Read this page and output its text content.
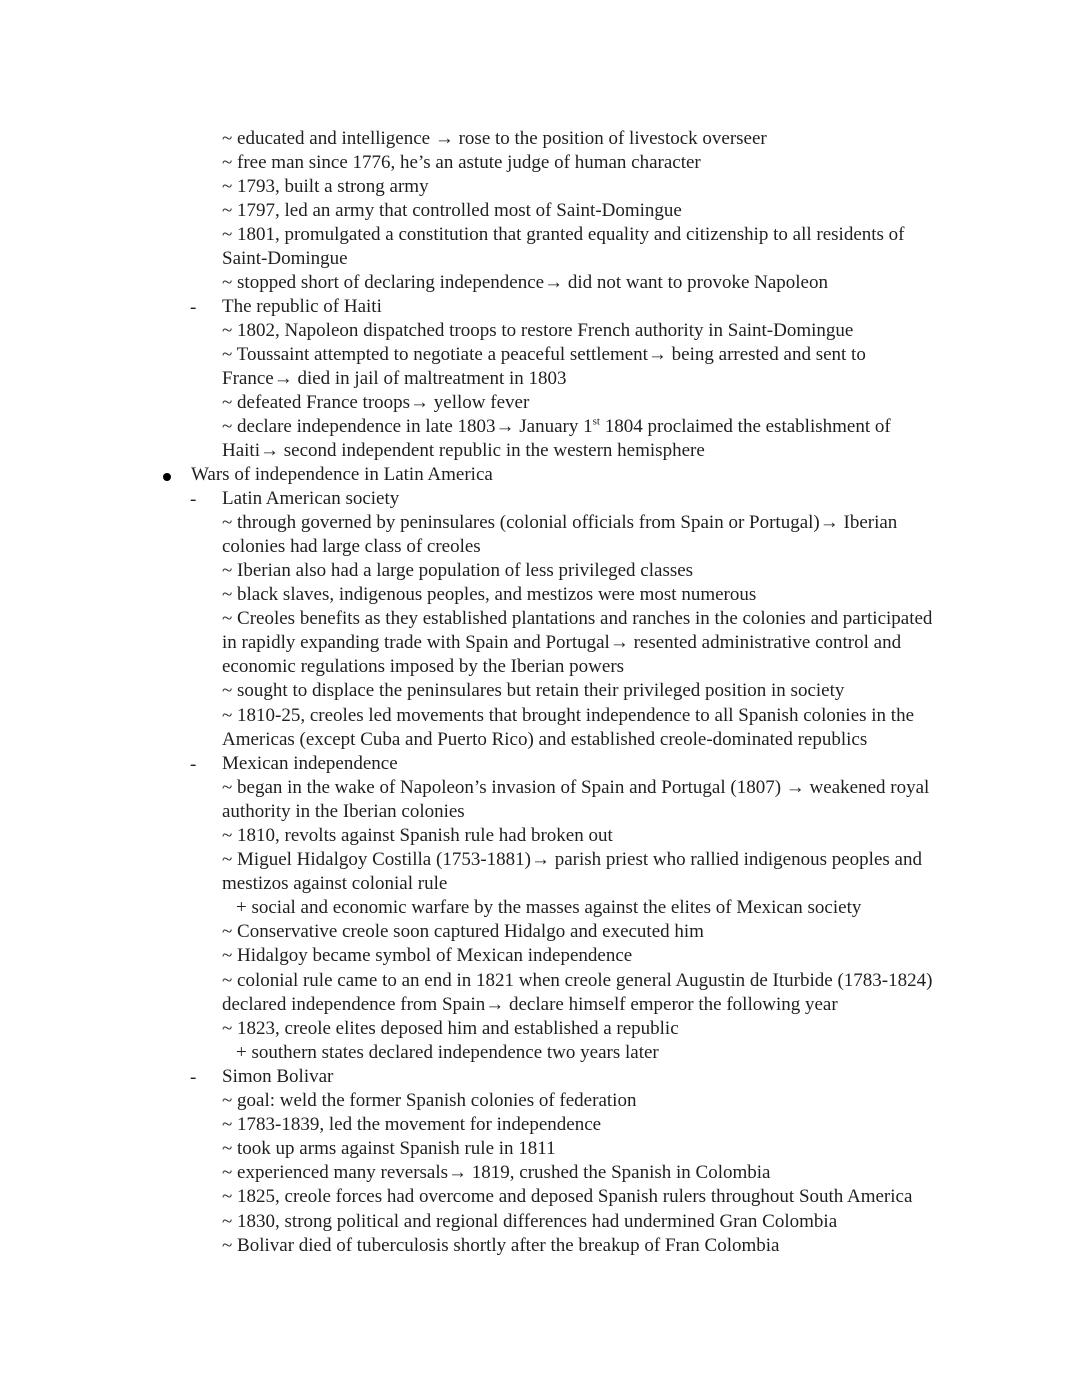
~ educated and intelligence → rose to the position of livestock overseer
~ free man since 1776, he’s an astute judge of human character
~ 1793, built a strong army
~ 1797, led an army that controlled most of Saint-Domingue
~ 1801, promulgated a constitution that granted equality and citizenship to all residents of
Saint-Domingue
~ stopped short of declaring independence→ did not want to provoke Napoleon
- The republic of Haiti
~ 1802, Napoleon dispatched troops to restore French authority in Saint-Domingue
~ Toussaint attempted to negotiate a peaceful settlement→ being arrested and sent to
France→ died in jail of maltreatment in 1803
~ defeated France troops→ yellow fever
~ declare independence in late 1803→ January 1st 1804 proclaimed the establishment of
Haiti→ second independent republic in the western hemisphere
Wars of independence in Latin America
- Latin American society
~ through governed by peninsulares (colonial officials from Spain or Portugal)→ Iberian
colonies had large class of creoles
~ Iberian also had a large population of less privileged classes
~ black slaves, indigenous peoples, and mestizos were most numerous
~ Creoles benefits as they established plantations and ranches in the colonies and participated
in rapidly expanding trade with Spain and Portugal→ resented administrative control and
economic regulations imposed by the Iberian powers
~ sought to displace the peninsulares but retain their privileged position in society
~ 1810-25, creoles led movements that brought independence to all Spanish colonies in the
Americas (except Cuba and Puerto Rico) and established creole-dominated republics
- Mexican independence
~ began in the wake of Napoleon’s invasion of Spain and Portugal (1807) → weakened royal
authority in the Iberian colonies
~ 1810, revolts against Spanish rule had broken out
~ Miguel Hidalgoy Costilla (1753-1881)→ parish priest who rallied indigenous peoples and
mestizos against colonial rule
+ social and economic warfare by the masses against the elites of Mexican society
~ Conservative creole soon captured Hidalgo and executed him
~ Hidalgoy became symbol of Mexican independence
~ colonial rule came to an end in 1821 when creole general Augustin de Iturbide (1783-1824)
declared independence from Spain→ declare himself emperor the following year
~ 1823, creole elites deposed him and established a republic
+ southern states declared independence two years later
- Simon Bolivar
~ goal: weld the former Spanish colonies of federation
~ 1783-1839, led the movement for independence
~ took up arms against Spanish rule in 1811
~ experienced many reversals→ 1819, crushed the Spanish in Colombia
~ 1825, creole forces had overcome and deposed Spanish rulers throughout South America
~ 1830, strong political and regional differences had undermined Gran Colombia
~ Bolivar died of tuberculosis shortly after the breakup of Fran Colombia
